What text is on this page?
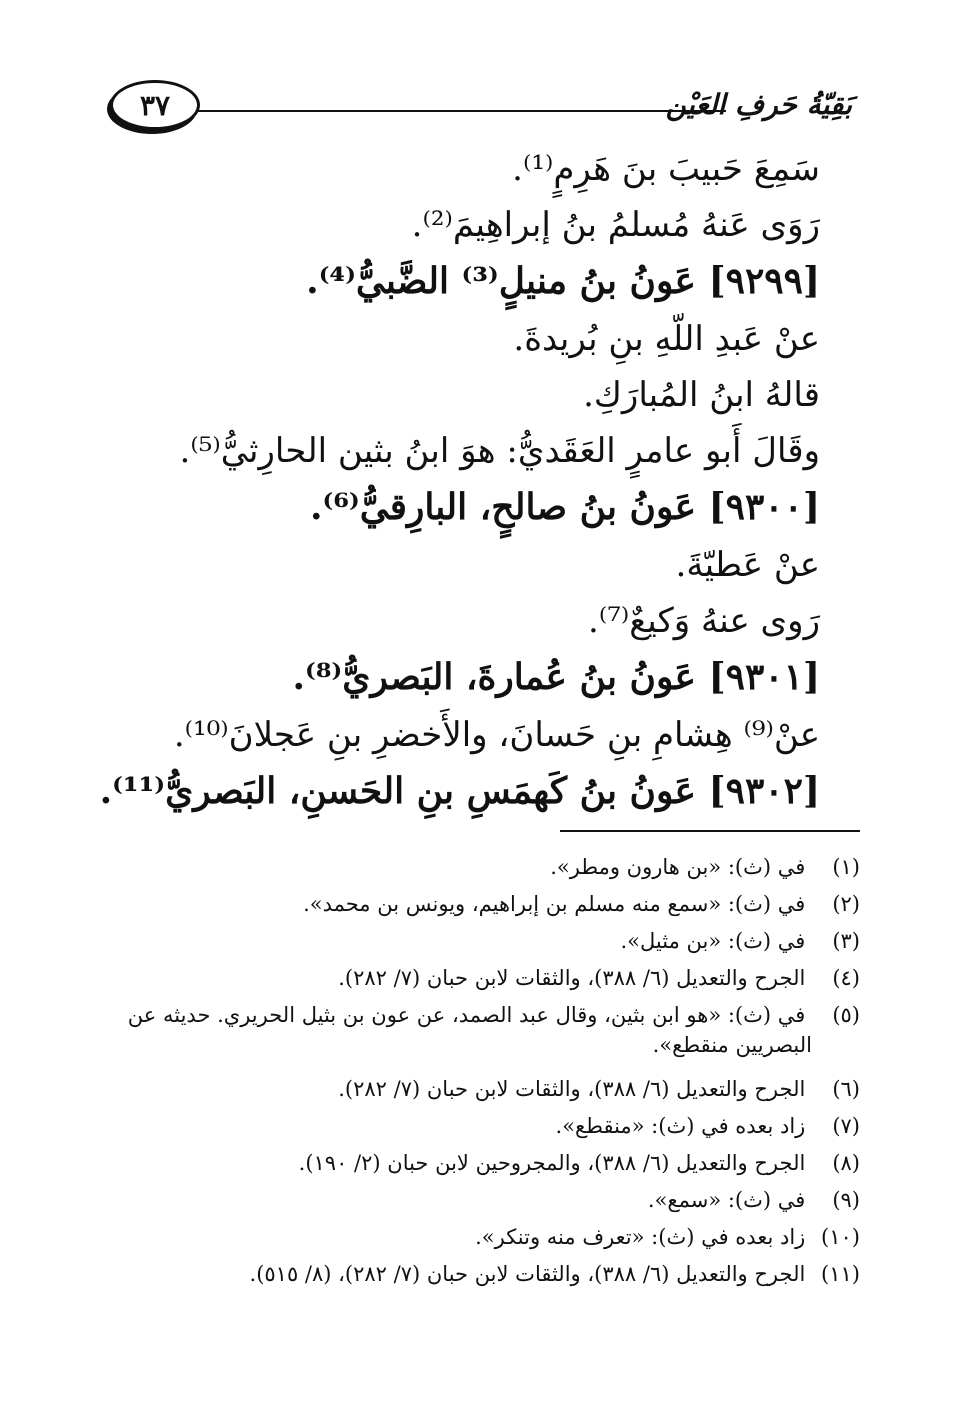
بَقِيّةُ حَرفِ العَيْن
٣٧
سَمِعَ حَبيبَ بنَ هَرِمٍ⁽¹⁾.
رَوَى عَنهُ مُسلمُ بنُ إبراهِيمَ⁽²⁾.
[٩٢٩٩] عَونُ بنُ منيلٍ⁽³⁾ الضَّبيُّ⁽⁴⁾.
عنْ عَبدِ اللّهِ بنِ بُريدةَ.
قالهُ ابنُ المُبارَكِ.
وقَالَ أَبو عامرٍ العَقَديُّ: هوَ ابنُ بثين الحارِثيُّ⁽⁵⁾.
[٩٣٠٠] عَونُ بنُ صالحٍ، البارِقيُّ⁽⁶⁾.
عنْ عَطيّةَ.
رَوى عنهُ وَكيعٌ⁽⁷⁾.
[٩٣٠١] عَونُ بنُ عُمارةَ، البَصريُّ⁽⁸⁾.
عنْ⁽⁹⁾ هِشامِ بنِ حَسانَ، والأَخضرِ بنِ عَجلانَ⁽¹⁰⁾.
[٩٣٠٢] عَونُ بنُ كَهمَسِ بنِ الحَسنِ، البَصريُّ⁽¹¹⁾.
(١) في (ث): «بن هارون ومطر».
(٢) في (ث): «سمع منه مسلم بن إبراهيم، ويونس بن محمد».
(٣) في (ث): «بن مثيل».
(٤) الجرح والتعديل (٦/ ٣٨٨)، والثقات لابن حبان (٧/ ٢٨٢).
(٥) في (ث): «هو ابن بثين، وقال عبد الصمد، عن عون بن بثيل الحريري. حديثه عن
البصريين منقطع».
(٦) الجرح والتعديل (٦/ ٣٨٨)، والثقات لابن حبان (٧/ ٢٨٢).
(٧) زاد بعده في (ث): «منقطع».
(٨) الجرح والتعديل (٦/ ٣٨٨)، والمجروحين لابن حبان (٢/ ١٩٠).
(٩) في (ث): «سمع».
(١٠) زاد بعده في (ث): «تعرف منه وتنكر».
(١١) الجرح والتعديل (٦/ ٣٨٨)، والثقات لابن حبان (٧/ ٢٨٢)، (٨/ ٥١٥).
